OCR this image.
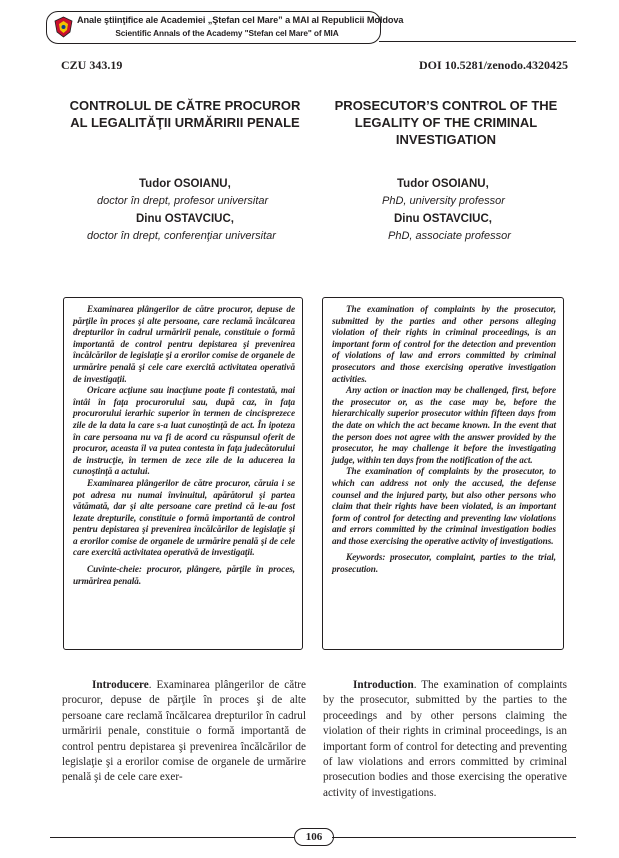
Anale ştiinţifice ale Academiei „Ştefan cel Mare” a MAI al Republicii Moldova
Scientific Annals of the Academy "Stefan cel Mare" of MIA
CZU 343.19	DOI 10.5281/zenodo.4320425
CONTROLUL DE CĂTRE PROCUROR
AL LEGALITĂŢII URMĂRIRII PENALE
PROSECUTOR’S CONTROL OF THE
LEGALITY OF THE CRIMINAL
INVESTIGATION
Tudor OSOIANU,
doctor în drept, profesor universitar
Dinu OSTAVCIUC,
doctor în drept, conferenţiar universitar
Tudor OSOIANU,
PhD, university professor
Dinu OSTAVCIUC,
PhD, associate professor

Examinarea plângerilor de către procuror, depuse de părţile în proces şi alte persoane, care reclamă încălcarea drepturilor în cadrul urmăririi penale, constituie o formă importantă de control pentru depistarea şi prevenirea încălcărilor de legislaţie şi a erorilor comise de organele de urmărire penală şi cele care exercită activitatea operativă de investigaţii.

Oricare acţiune sau inacţiune poate fi contestată, mai întâi în faţa procurorului sau, după caz, în faţa procurorului ierarhic superior în termen de cincisprezece zile de la data la care s-a luat cunoştinţă de act. În ipoteza în care persoana nu va fi de acord cu răspunsul oferit de procuror, aceasta îl va putea contesta în faţa judecătorului de instrucţie, în termen de zece zile de la aducerea la cunoştinţă a actului.

Examinarea plângerilor de către procuror, căruia i se pot adresa nu numai învinuitul, apărătorul şi partea vătămată, dar şi alte persoane care pretind că le-au fost lezate drepturile, constituie o formă importantă de control pentru depistarea şi prevenirea încălcărilor de legislaţie şi a erorilor comise de organele de urmărire penală şi de cele care exercită activitatea operativă de investigaţii.

Cuvinte-cheie: procuror, plângere, părţile în proces, urmărirea penală.

The examination of complaints by the prosecutor, submitted by the parties and other persons alleging violation of their rights in criminal proceedings, is an important form of control for the detection and prevention of violations of law and errors committed by criminal prosecutors and those exercising operative investigation activities.

Any action or inaction may be challenged, first, before the prosecutor or, as the case may be, before the hierarchically superior prosecutor within fifteen days from the date on which the act became known. In the event that the person does not agree with the answer provided by the prosecutor, he may challenge it before the investigating judge, within ten days from the notification of the act.

The examination of complaints by the prosecutor, to which can address not only the accused, the defense counsel and the injured party, but also other persons who claim that their rights have been violated, is an important form of control for detecting and preventing law violations and errors committed by the criminal investigation bodies and those exercising the operative activity of investigations.

Keywords: prosecutor, complaint, parties to the trial, prosecution.

Introducere. Examinarea plângerilor de către procuror, depuse de părţile în proces şi de alte persoane care reclamă încălcarea drepturilor în cadrul urmăririi penale, constituie o formă importantă de control pentru depistarea şi prevenirea încălcărilor de legislaţie şi a erorilor comise de organele de urmărire penală şi de cele care exer-

Introduction. The examination of complaints by the prosecutor, submitted by the parties to the proceedings and by other persons claiming the violation of their rights in criminal proceedings, is an important form of control for detecting and preventing of law violations and errors committed by criminal prosecution bodies and those exercising the operative activity of investigations.

106
